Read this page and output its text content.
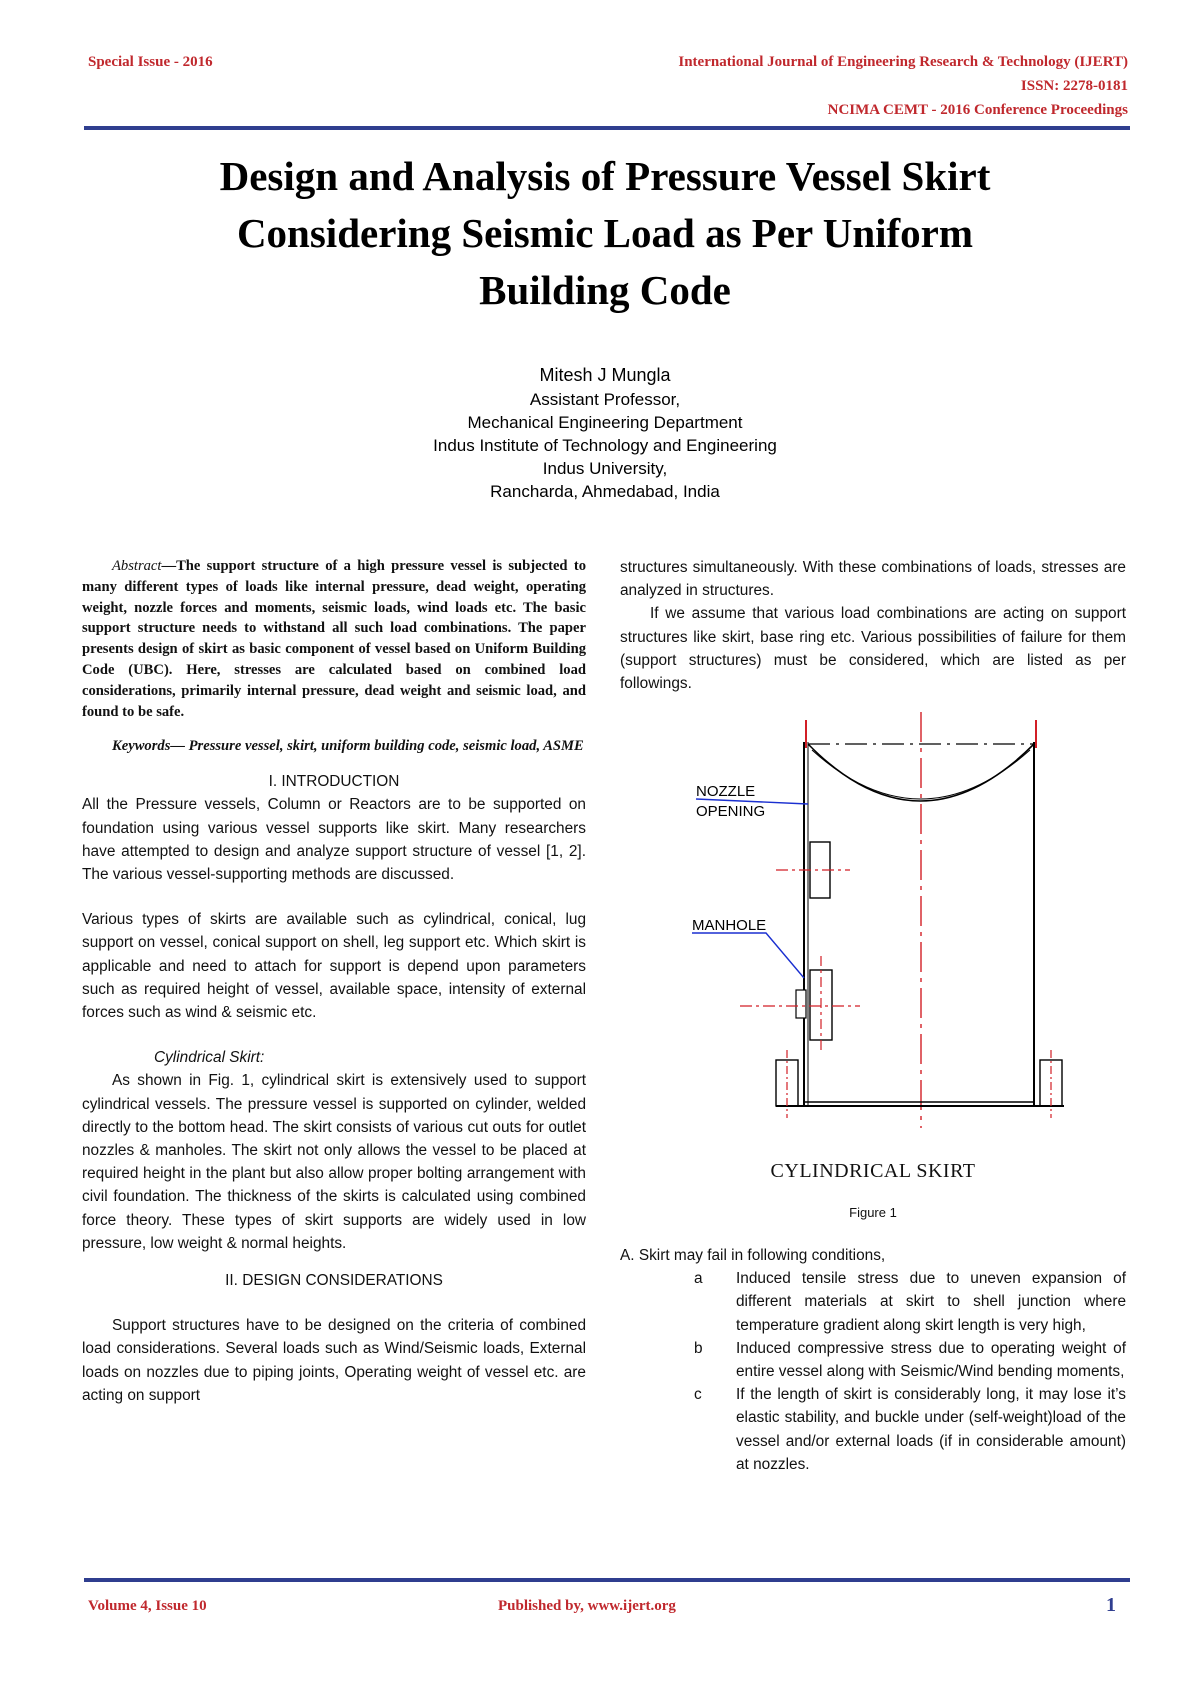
Special Issue - 2016	International Journal of Engineering Research & Technology (IJERT)
ISSN: 2278-0181
NCIMA CEMT - 2016 Conference Proceedings
Design and Analysis of Pressure Vessel Skirt
Considering Seismic Load as Per Uniform
Building Code
Mitesh J Mungla
Assistant Professor,
Mechanical Engineering Department
Indus Institute of Technology and Engineering
Indus University,
Rancharda, Ahmedabad, India

Abstract—The support structure of a high pressure vessel is subjected to many different types of loads like internal pressure, dead weight, operating weight, nozzle forces and moments, seismic loads, wind loads etc. The basic support structure needs to withstand all such load combinations. The paper presents design of skirt as basic component of vessel based on Uniform Building Code (UBC). Here, stresses are calculated based on combined load considerations, primarily internal pressure, dead weight and seismic load, and found to be safe.

Keywords— Pressure vessel, skirt, uniform building code, seismic load, ASME

I. INTRODUCTION

All the Pressure vessels, Column or Reactors are to be supported on foundation using various vessel supports like skirt. Many researchers have attempted to design and analyze support structure of vessel [1, 2]. The various vessel-supporting methods are discussed.

Various types of skirts are available such as cylindrical, conical, lug support on vessel, conical support on shell, leg support etc. Which skirt is applicable and need to attach for support is depend upon parameters such as required height of vessel, available space, intensity of external forces such as wind & seismic etc.

Cylindrical Skirt:

As shown in Fig. 1, cylindrical skirt is extensively used to support cylindrical vessels. The pressure vessel is supported on cylinder, welded directly to the bottom head. The skirt consists of various cut outs for outlet nozzles & manholes. The skirt not only allows the vessel to be placed at required height in the plant but also allow proper bolting arrangement with civil foundation. The thickness of the skirts is calculated using combined force theory. These types of skirt supports are widely used in low pressure, low weight & normal heights.

II. DESIGN CONSIDERATIONS

Support structures have to be designed on the criteria of combined load considerations. Several loads such as Wind/Seismic loads, External loads on nozzles due to piping joints, Operating weight of vessel etc. are acting on support

structures simultaneously. With these combinations of loads, stresses are analyzed in structures.

If we assume that various load combinations are acting on support structures like skirt, base ring etc. Various possibilities of failure for them (support structures) must be considered, which are listed as per followings.

NOZZLE
OPENING
MANHOLE

CYLINDRICAL SKIRT

Figure 1

A. Skirt may fail in following conditions,

a Induced tensile stress due to uneven expansion of different materials at skirt to shell junction where temperature gradient along skirt length is very high,
b Induced compressive stress due to operating weight of entire vessel along with Seismic/Wind bending moments,
c If the length of skirt is considerably long, it may lose it’s elastic stability, and buckle under (self-weight)load of the vessel and/or external loads (if in considerable amount) at nozzles.
Volume 4, Issue 10	Published by, www.ijert.org	1
